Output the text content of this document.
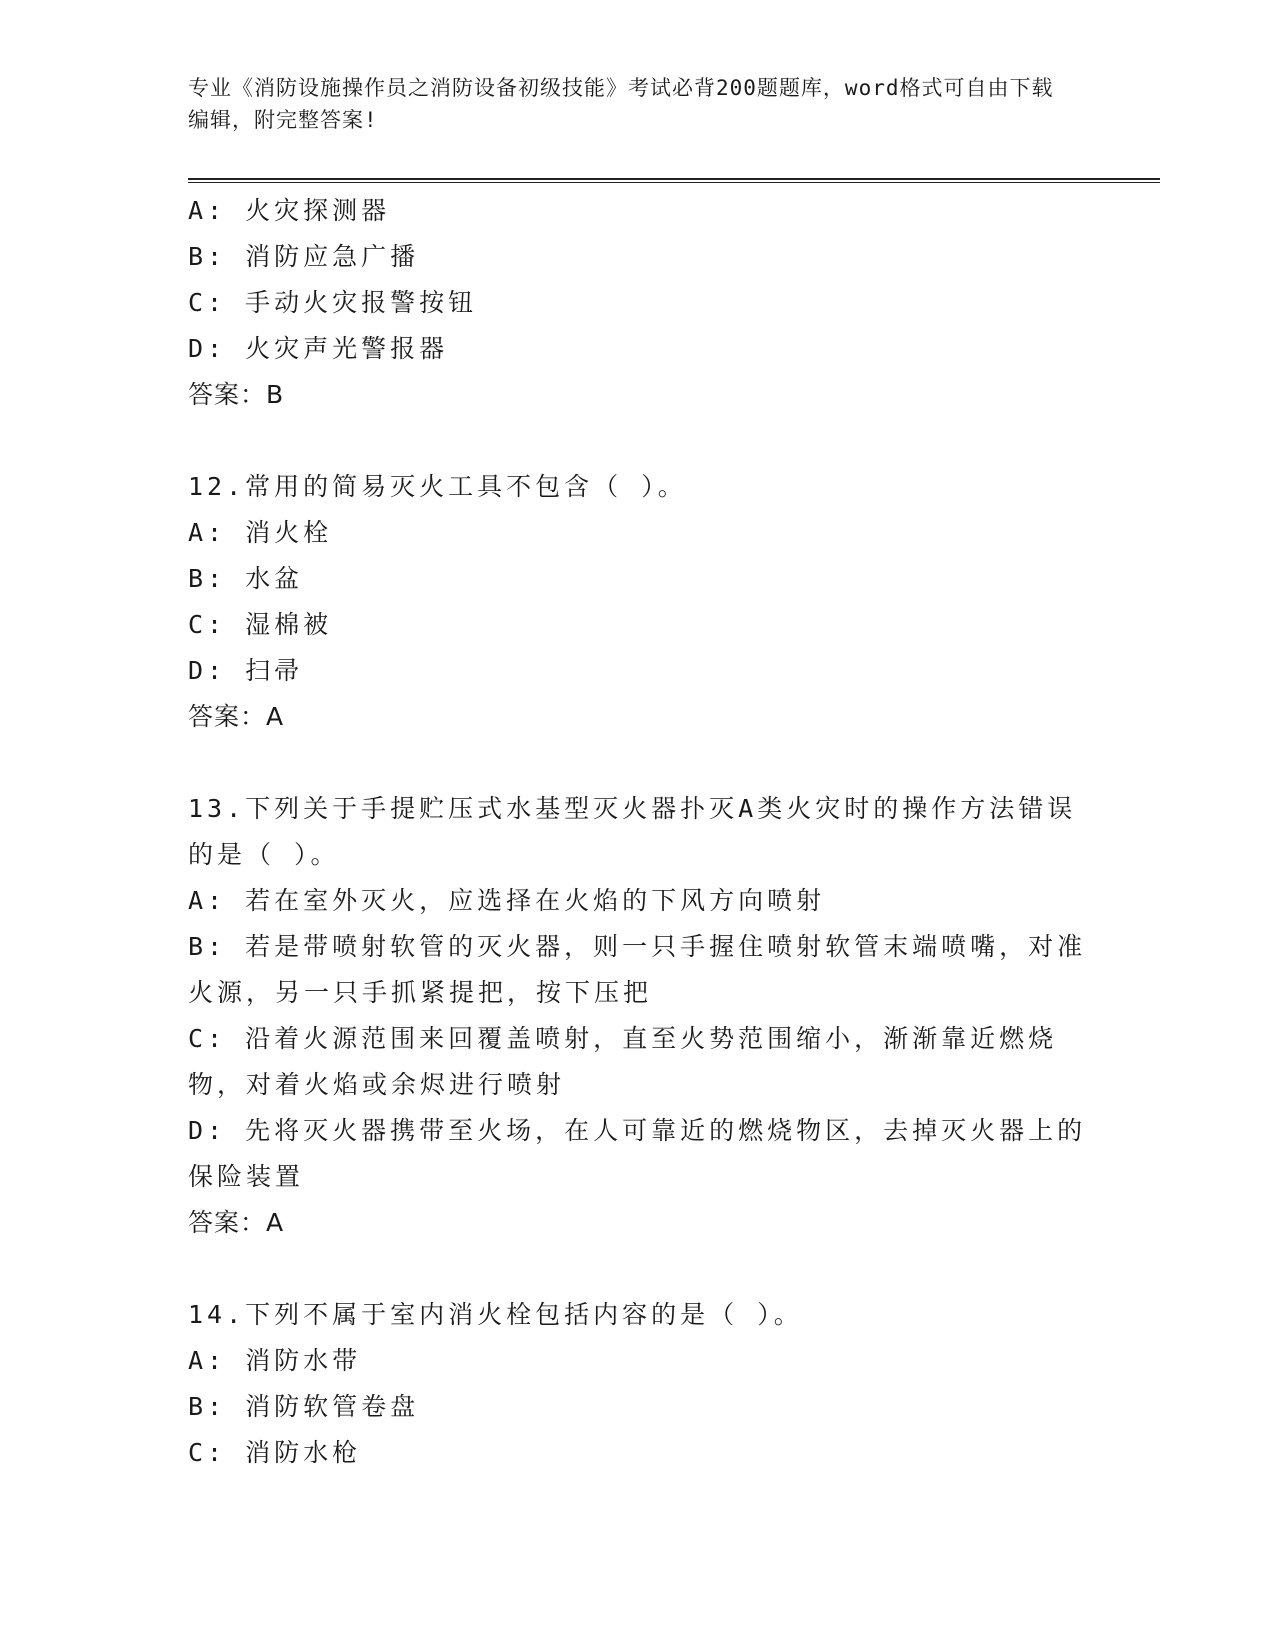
专业《消防设施操作员之消防设备初级技能》考试必背200题题库，word格式可自由下载编辑，附完整答案!
A: 火灾探测器
B: 消防应急广播
C: 手动火灾报警按钮
D: 火灾声光警报器
答案：B
12.常用的简易灭火工具不包含（ ）。
A: 消火栓
B: 水盆
C: 湿棉被
D: 扫帚
答案：A
13.下列关于手提贮压式水基型灭火器扑灭A类火灾时的操作方法错误的是（ ）。
A: 若在室外灭火，应选择在火焰的下风方向喷射
B: 若是带喷射软管的灭火器，则一只手握住喷射软管末端喷嘴，对准火源，另一只手抓紧提把，按下压把
C: 沿着火源范围来回覆盖喷射，直至火势范围缩小，渐渐靠近燃烧物，对着火焰或余烬进行喷射
D: 先将灭火器携带至火场，在人可靠近的燃烧物区，去掉灭火器上的保险装置
答案：A
14.下列不属于室内消火栓包括内容的是（ ）。
A: 消防水带
B: 消防软管卷盘
C: 消防水枪
